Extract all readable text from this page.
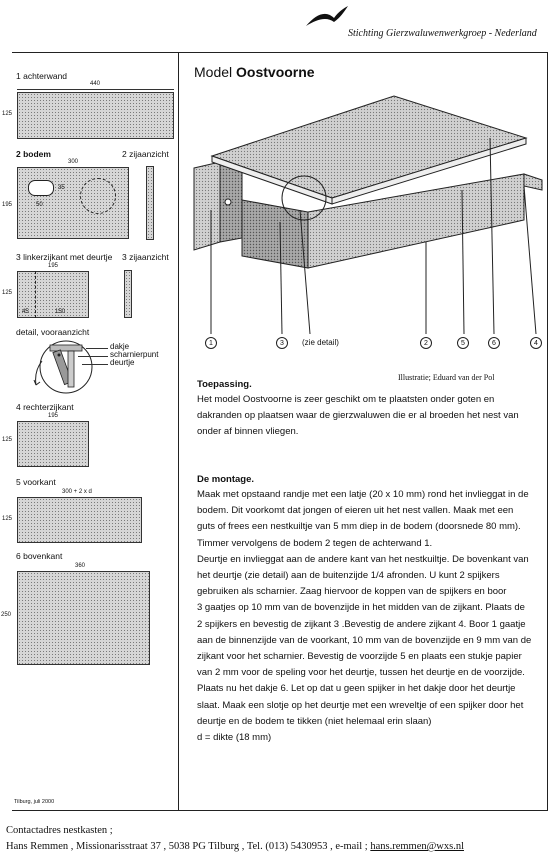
Stichting Gierzwaluwenwerkgroep - Nederland
1 achterwand
440
125
2 bodem	2 zijaanzicht
300
195
35
50
3 linkerzijkant met deurtje 3 zijaanzicht
195
125
45	150
detail, vooraanzicht
dakje
scharnierpunt
deurtje
4 rechterzijkant
195
125
5 voorkant
300 + 2 x d
125
6 bovenkant
360
250
Tilburg, juli 2000
Model Oostvoorne
1	3	(zie detail)	2	5	6	4
Illustratie; Eduard van der Pol
Toepassing.
Het model Oostvoorne is zeer geschikt om te plaatsten onder goten en
dakranden op plaatsen waar de gierzwaluwen die er al broeden het nest van
onder af binnen vliegen.
De montage.
Maak met opstaand randje met een latje (20 x 10 mm) rond het invliegga​t in de
bodem. Dit voorkomt dat jongen of eieren uit het nest vallen. Maak met een
guts of frees een nestkuiltje van 5 mm diep in de bodem (doorsnede 80 mm).
Timmer vervolgens de bodem 2 tegen de achterwand 1.
Deurtje en invliegga​t aan de andere kant van het nestkuiltje. De bovenkant van
het deurtje (zie detail) aan de buitenzijde 1/4 afronden. U kunt 2 spijkers
gebruiken als scharnier. Zaag hiervoor de koppen van de spijkers en boor
3 gaatjes op 10 mm van de bovenzijde in het midden van de zijkant. Plaats de
2 spijkers en bevestig de zijkant 3 .Bevestig de andere zijkant 4. Boor 1 gaatje
aan de binnenzijde van de voorkant, 10 mm van de bovenzijde en 9 mm van de
zijkant voor het scharnier. Bevestig de voorzijde 5 en plaats een stukje papier
van 2 mm voor de speling voor het deurtje, tussen het deurtje en de voorzijde.
Plaats nu het dakje 6. Let op dat u geen spijker in het dakje door het deurtje
slaat. Maak een slotje op het deurtje met een wreveltje of een spijker door het
deurtje en de bodem te tikken (niet helemaal erin slaan)
d = dikte (18 mm)
Contactadres nestkasten ;
Hans Remmen , Missionarisstraat 37 , 5038 PG Tilburg , Tel. (013) 5430953 , e-mail ; hans.remmen@wxs.nl
